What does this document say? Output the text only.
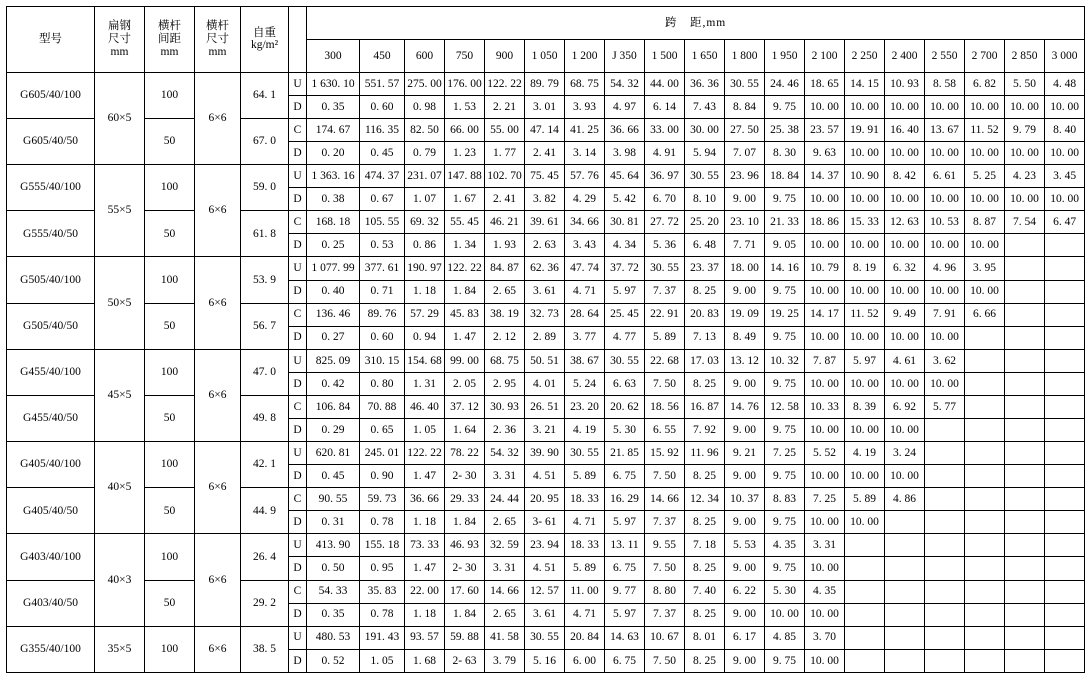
型号	扁钢
尺寸
mm	横杆
间距
mm	横杆
尺寸
mm	自重
kg/m²		跨　距,mm																		
						300	450	600	750	900	1 050	1 200	J 350	1 500	1 650	1 800	1 950	2 100	2 250	2 400	2 550	2 700	2 850	3 000
G605/40/100	60×5	100	6×6	64. 1	U	1 630. 10	551. 57	275. 00	176. 00	122. 22	89. 79	68. 75	54. 32	44. 00	36. 36	30. 55	24. 46	18. 65	14. 15	10. 93	8. 58	6. 82	5. 50	4. 48
					D	0. 35	0. 60	0. 98	1. 53	2. 21	3. 01	3. 93	4. 97	6. 14	7. 43	8. 84	9. 75	10. 00	10. 00	10. 00	10. 00	10. 00	10. 00	10. 00
G605/40/50		50		67. 0	C	174. 67	116. 35	82. 50	66. 00	55. 00	47. 14	41. 25	36. 66	33. 00	30. 00	27. 50	25. 38	23. 57	19. 91	16. 40	13. 67	11. 52	9. 79	8. 40
					D	0. 20	0. 45	0. 79	1. 23	1. 77	2. 41	3. 14	3. 98	4. 91	5. 94	7. 07	8. 30	9. 63	10. 00	10. 00	10. 00	10. 00	10. 00	10. 00
G555/40/100	55×5	100	6×6	59. 0	U	1 363. 16	474. 37	231. 07	147. 88	102. 70	75. 45	57. 76	45. 64	36. 97	30. 55	23. 96	18. 84	14. 37	10. 90	8. 42	6. 61	5. 25	4. 23	3. 45
					D	0. 38	0. 67	1. 07	1. 67	2. 41	3. 82	4. 29	5. 42	6. 70	8. 10	9. 00	9. 75	10. 00	10. 00	10. 00	10. 00	10. 00	10. 00	10. 00
G555/40/50		50		61. 8	C	168. 18	105. 55	69. 32	55. 45	46. 21	39. 61	34. 66	30. 81	27. 72	25. 20	23. 10	21. 33	18. 86	15. 33	12. 63	10. 53	8. 87	7. 54	6. 47
					D	0. 25	0. 53	0. 86	1. 34	1. 93	2. 63	3. 43	4. 34	5. 36	6. 48	7. 71	9. 05	10. 00	10. 00	10. 00	10. 00	10. 00		
G505/40/100	50×5	100	6×6	53. 9	U	1 077. 99	377. 61	190. 97	122. 22	84. 87	62. 36	47. 74	37. 72	30. 55	23. 37	18. 00	14. 16	10. 79	8. 19	6. 32	4. 96	3. 95		
					D	0. 40	0. 71	1. 18	1. 84	2. 65	3. 61	4. 71	5. 97	7. 37	8. 25	9. 00	9. 75	10. 00	10. 00	10. 00	10. 00	10. 00		
G505/40/50		50		56. 7	C	136. 46	89. 76	57. 29	45. 83	38. 19	32. 73	28. 64	25. 45	22. 91	20. 83	19. 09	19. 25	14. 17	11. 52	9. 49	7. 91	6. 66		
					D	0. 27	0. 60	0. 94	1. 47	2. 12	2. 89	3. 77	4. 77	5. 89	7. 13	8. 49	9. 75	10. 00	10. 00	10. 00	10. 00			
G455/40/100	45×5	100	6×6	47. 0	U	825. 09	310. 15	154. 68	99. 00	68. 75	50. 51	38. 67	30. 55	22. 68	17. 03	13. 12	10. 32	7. 87	5. 97	4. 61	3. 62			
					D	0. 42	0. 80	1. 31	2. 05	2. 95	4. 01	5. 24	6. 63	7. 50	8. 25	9. 00	9. 75	10. 00	10. 00	10. 00	10. 00			
G455/40/50		50		49. 8	C	106. 84	70. 88	46. 40	37. 12	30. 93	26. 51	23. 20	20. 62	18. 56	16. 87	14. 76	12. 58	10. 33	8. 39	6. 92	5. 77			
					D	0. 29	0. 65	1. 05	1. 64	2. 36	3. 21	4. 19	5. 30	6. 55	7. 92	9. 00	9. 75	10. 00	10. 00	10. 00				
G405/40/100	40×5	100	6×6	42. 1	U	620. 81	245. 01	122. 22	78. 22	54. 32	39. 90	30. 55	21. 85	15. 92	11. 96	9. 21	7. 25	5. 52	4. 19	3. 24				
					D	0. 45	0. 90	1. 47	2- 30	3. 31	4. 51	5. 89	6. 75	7. 50	8. 25	9. 00	9. 75	10. 00	10. 00	10. 00				
G405/40/50		50		44. 9	C	90. 55	59. 73	36. 66	29. 33	24. 44	20. 95	18. 33	16. 29	14. 66	12. 34	10. 37	8. 83	7. 25	5. 89	4. 86				
					D	0. 31	0. 78	1. 18	1. 84	2. 65	3- 61	4. 71	5. 97	7. 37	8. 25	9. 00	9. 75	10. 00	10. 00					
G403/40/100	40×3	100	6×6	26. 4	U	413. 90	155. 18	73. 33	46. 93	32. 59	23. 94	18. 33	13. 11	9. 55	7. 18	5. 53	4. 35	3. 31						
					D	0. 50	0. 95	1. 47	2- 30	3. 31	4. 51	5. 89	6. 75	7. 50	8. 25	9. 00	9. 75	10. 00						
G403/40/50		50		29. 2	C	54. 33	35. 83	22. 00	17. 60	14. 66	12. 57	11. 00	9. 77	8. 80	7. 40	6. 22	5. 30	4. 35						
					D	0. 35	0. 78	1. 18	1. 84	2. 65	3. 61	4. 71	5. 97	7. 37	8. 25	9. 00	10. 00	10. 00						
G355/40/100	35×5	100	6×6	38. 5	U	480. 53	191. 43	93. 57	59. 88	41. 58	30. 55	20. 84	14. 63	10. 67	8. 01	6. 17	4. 85	3. 70						
					D	0. 52	1. 05	1. 68	2- 63	3. 79	5. 16	6. 00	6. 75	7. 50	8. 25	9. 00	9. 75	10. 00						
